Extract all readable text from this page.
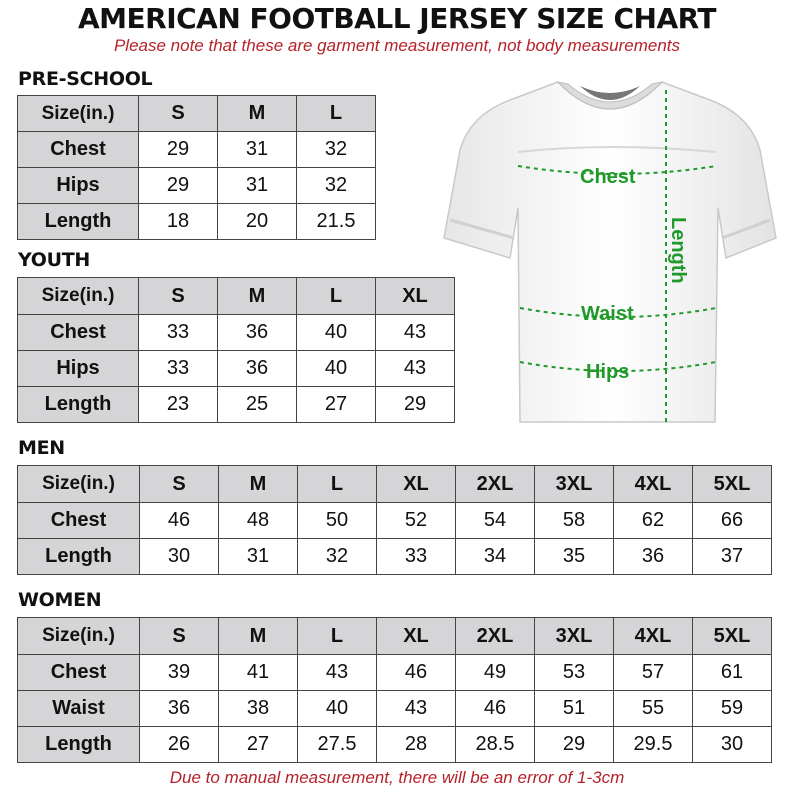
AMERICAN FOOTBALL JERSEY SIZE CHART
Please note that these are garment measurement, not body measurements
PRE-SCHOOL
Size(in.)	S	M	L
Chest	29	31	32
Hips	29	31	32
Length	18	20	21.5
YOUTH
Size(in.)	S	M	L	XL
Chest	33	36	40	43
Hips	33	36	40	43
Length	23	25	27	29
MEN
Size(in.)	S	M	L	XL	2XL	3XL	4XL	5XL
Chest	46	48	50	52	54	58	62	66
Length	30	31	32	33	34	35	36	37
WOMEN
Size(in.)	S	M	L	XL	2XL	3XL	4XL	5XL
Chest	39	41	43	46	49	53	57	61
Waist	36	38	40	43	46	51	55	59
Length	26	27	27.5	28	28.5	29	29.5	30
Chest
Waist
Hips
Length
Due to manual measurement, there will be an error of 1-3cm
